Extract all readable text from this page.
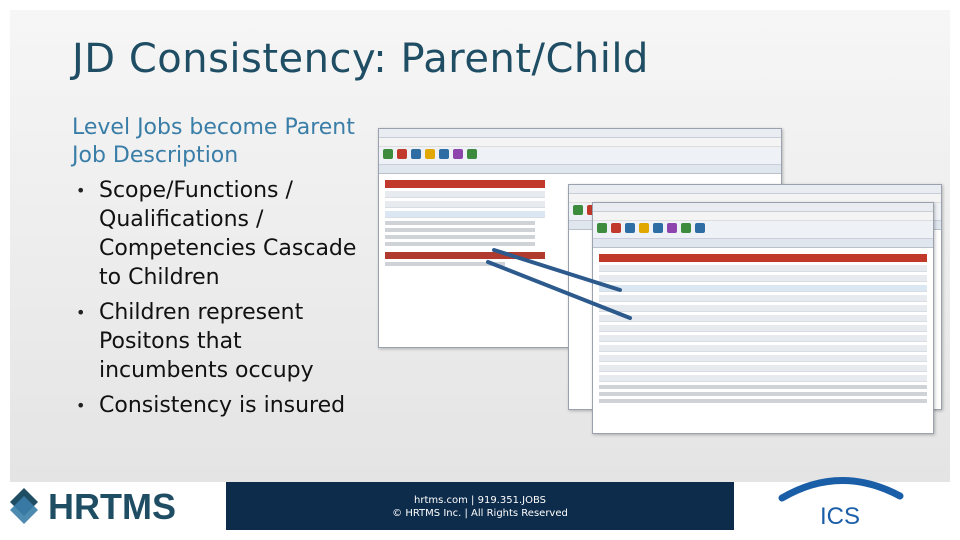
JD Consistency: Parent/Child
Level Jobs become Parent Job Description
• Scope/Functions / Qualifications / Competencies Cascade to Children
• Children represent Positons that incumbents occupy
• Consistency is insured
HRTMS	hrtms.com | 919.351.JOBS
© HRTMS Inc. | All Rights Reserved	ICS
